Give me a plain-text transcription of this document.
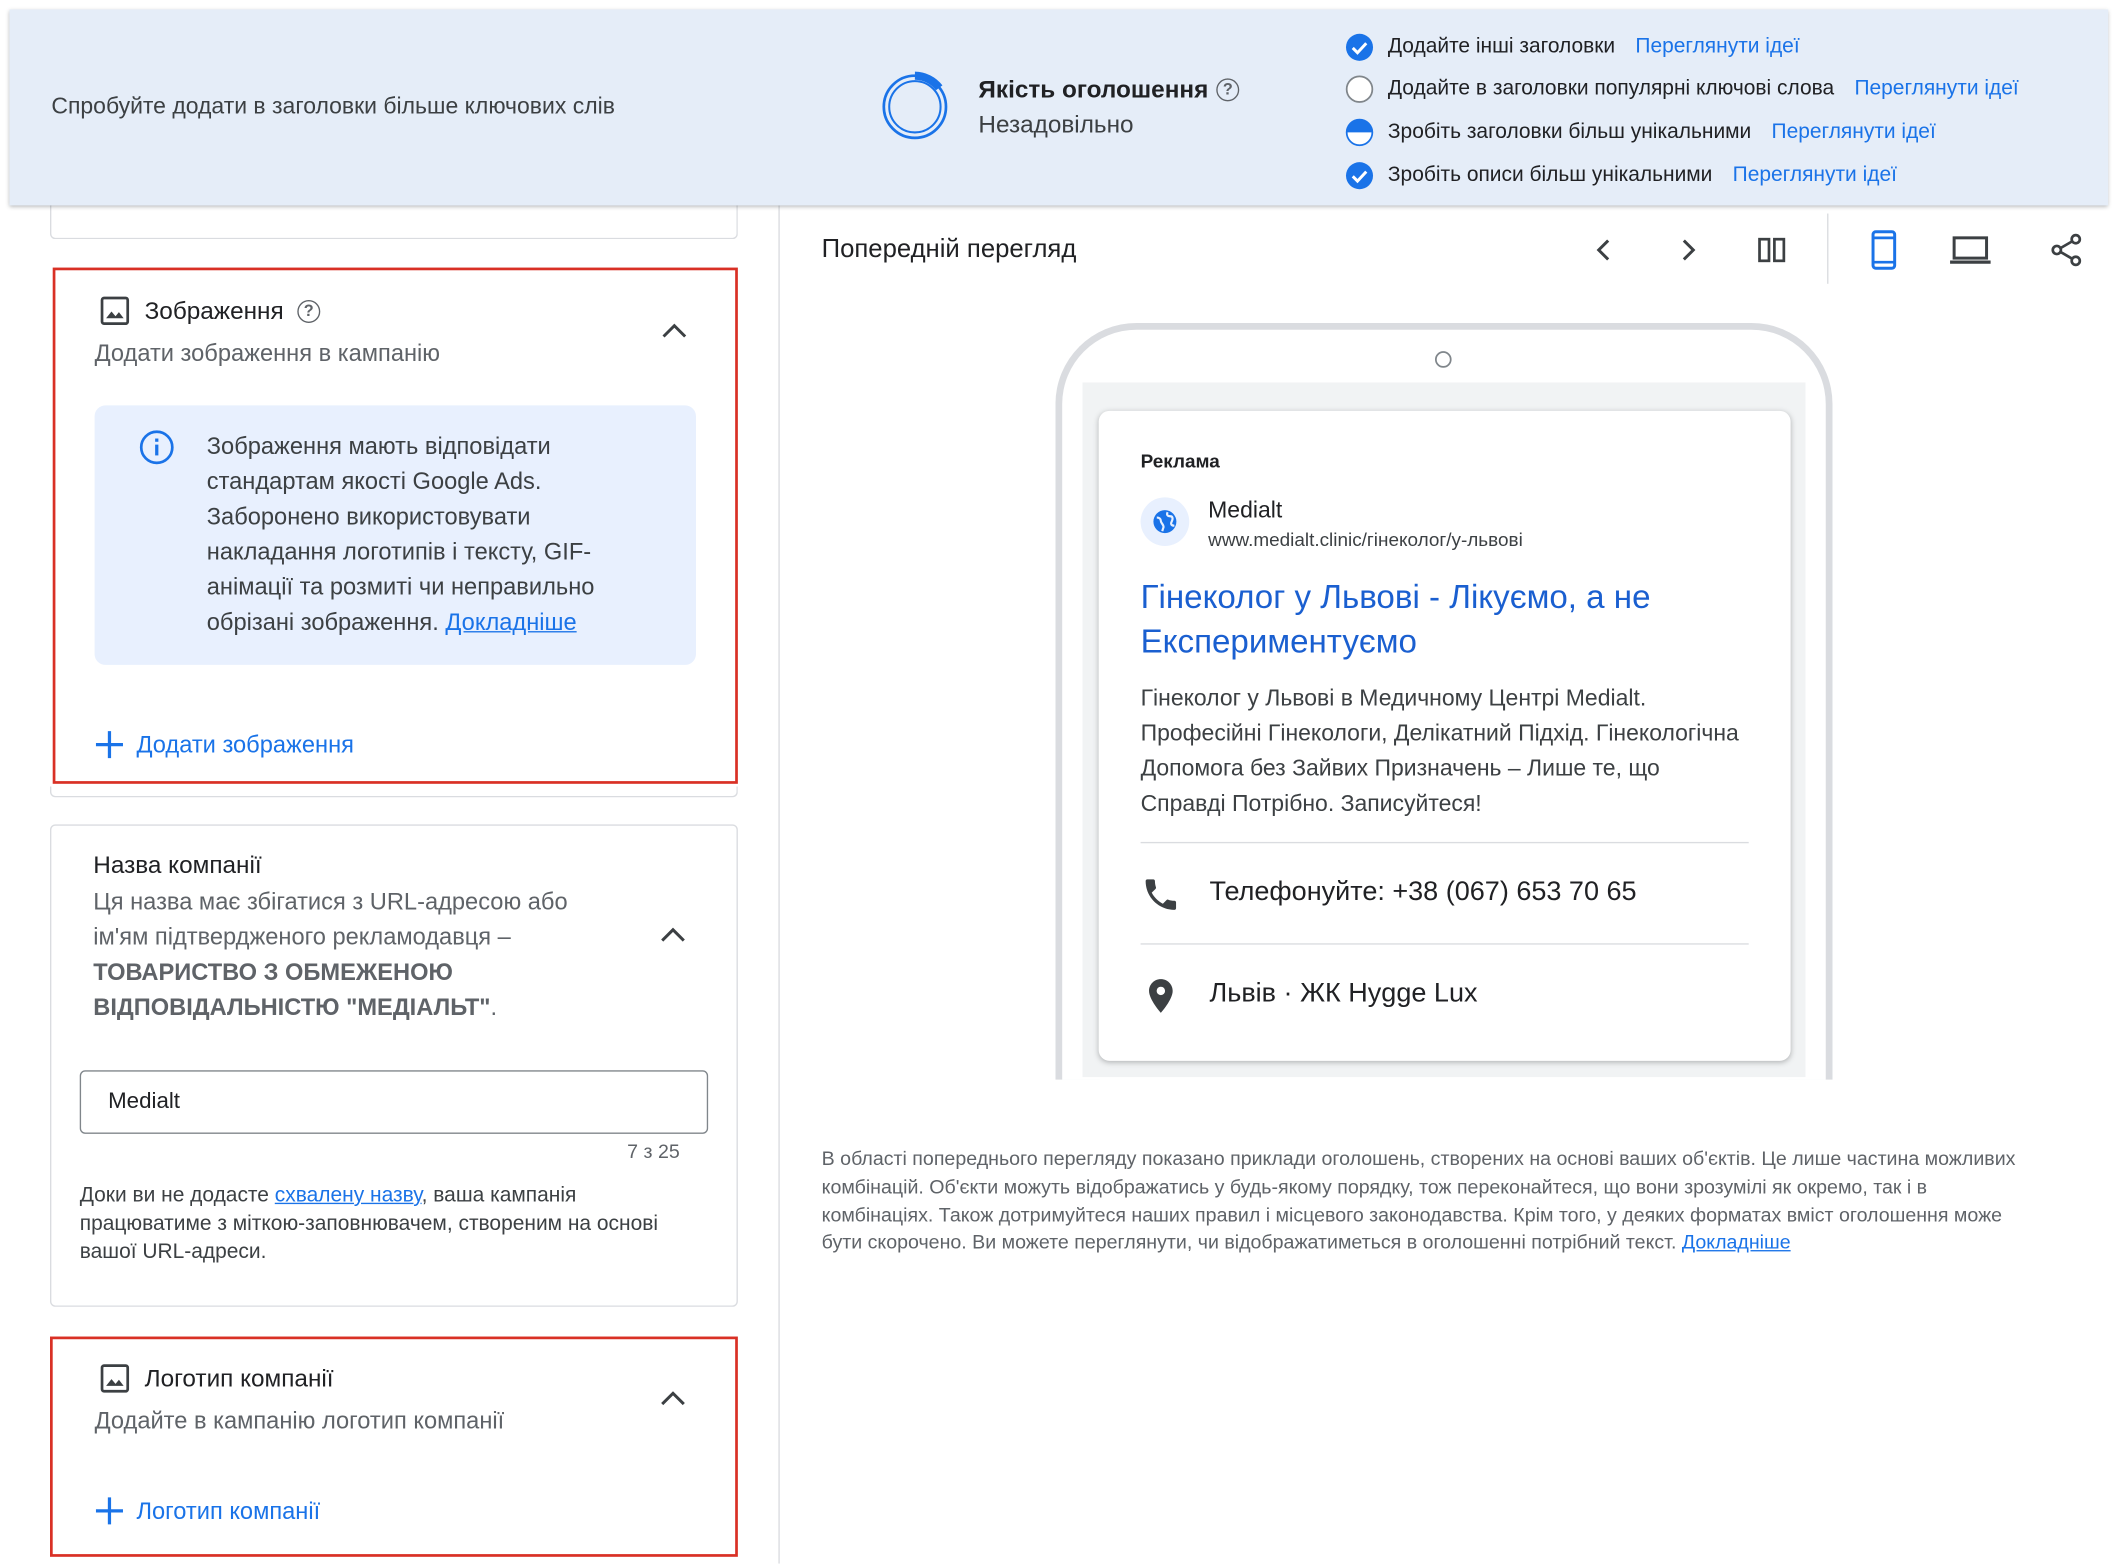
Спробуйте додати в заголовки більше ключових слів
Якість оголошення	?
Незадовільно
Додайте інші заголовки Переглянути ідеї
Додайте в заголовки популярні ключові слова Переглянути ідеї
Зробіть заголовки більш унікальними Переглянути ідеї
Зробіть описи більш унікальними Переглянути ідеї
Зображення	?
Додати зображення в кампанію
Зображення мають відповідати стандартам якості Google Ads. Заборонено використовувати накладання логотипів і тексту, GIF-анімації та розмиті чи неправильно обрізані зображення. Докладніше
Додати зображення
Назва компанії
Ця назва має збігатися з URL-адресою або ім'ям підтвердженого рекламодавця – ТОВАРИСТВО З ОБМЕЖЕНОЮ ВІДПОВІДАЛЬНІСТЮ "МЕДІАЛЬТ".
Medialt
7 з 25
Доки ви не додасте схвалену назву, ваша кампанія працюватиме з міткою-заповнювачем, створеним на основі вашої URL-адреси.
Логотип компанії
Додайте в кампанію логотип компанії
Логотип компанії
Попередній перегляд
Реклама
Medialt
www.medialt.clinic/гінеколог/у-львові
Гінеколог у Львові - Лікуємо, а не Експериментуємо
Гінеколог у Львові в Медичному Центрі Medialt. Професійні Гінекологи, Делікатний Підхід. Гінекологічна Допомога без Зайвих Призначень – Лише те, що Справді Потрібно. Записуйтеся!
Телефонуйте: +38 (067) 653 70 65
Львів · ЖК Hygge Lux
В області попереднього перегляду показано приклади оголошень, створених на основі ваших об'єктів. Це лише частина можливих комбінацій. Об'єкти можуть відображатись у будь-якому порядку, тож переконайтеся, що вони зрозумілі як окремо, так і в комбінаціях. Також дотримуйтеся наших правил і місцевого законодавства. Крім того, у деяких форматах вміст оголошення може бути скорочено. Ви можете переглянути, чи відображатиметься в оголошенні потрібний текст. Докладніше
